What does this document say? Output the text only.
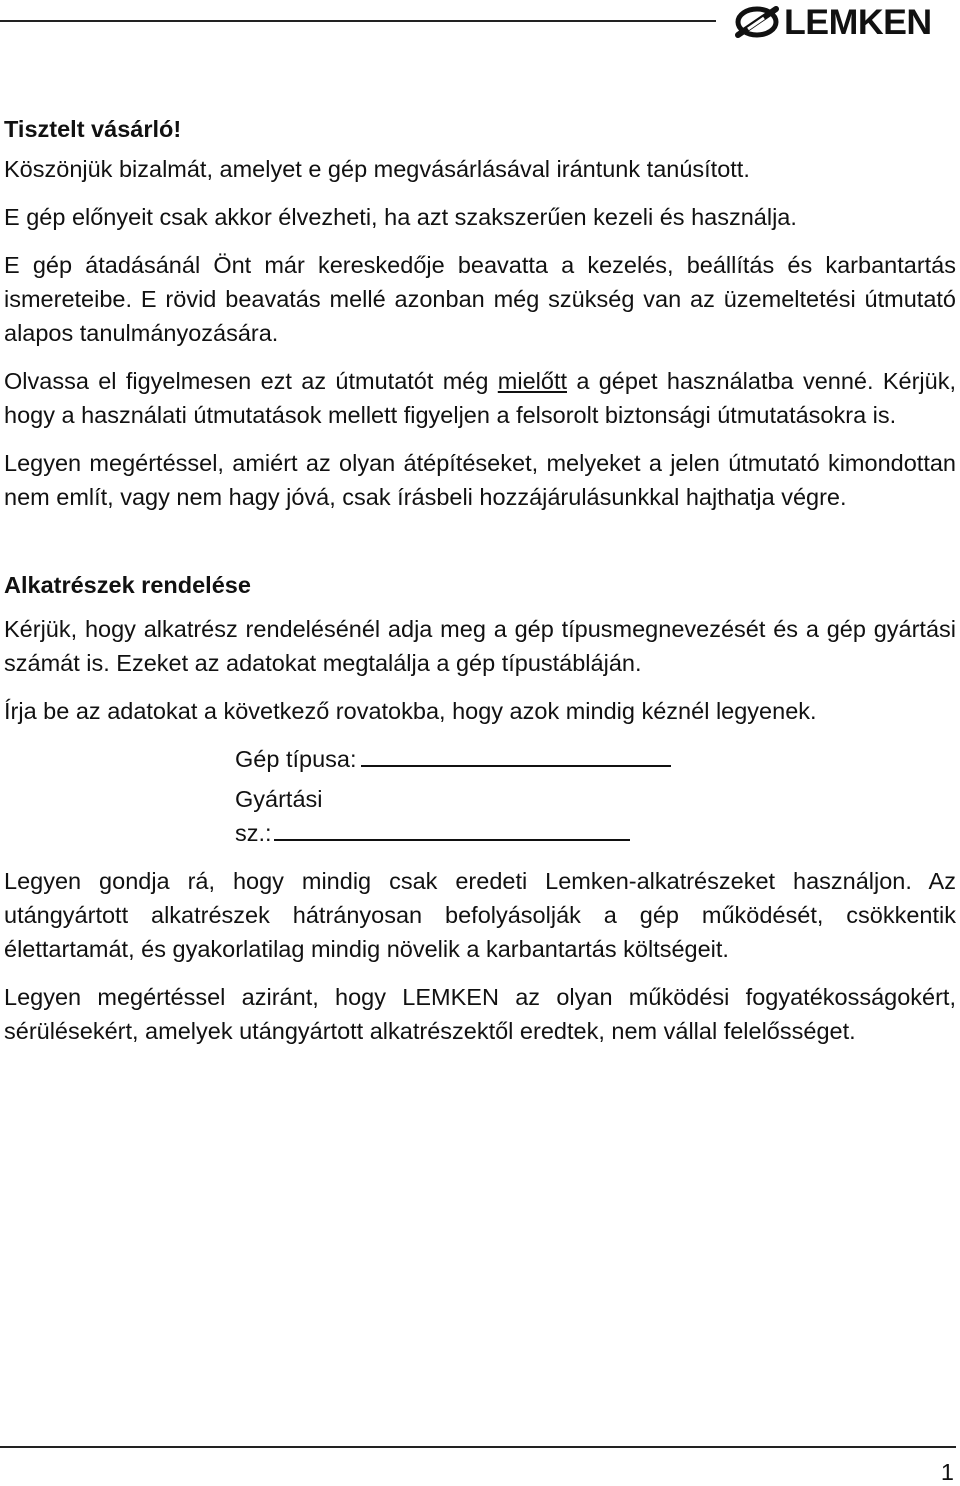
LEMKEN

Tisztelt vásárló!

Köszönjük bizalmát, amelyet e gép megvásárlásával irántunk tanúsított.

E gép előnyeit csak akkor élvezheti, ha azt szakszerűen kezeli és használja.

E gép átadásánál Önt már kereskedője beavatta a kezelés, beállítás és karbantartás ismereteibe. E rövid beavatás mellé azonban még szükség van az üzemeltetési útmutató alapos tanulmányozására.

Olvassa el figyelmesen ezt az útmutatót még mielőtt a gépet használatba venné. Kérjük, hogy a használati útmutatások mellett figyeljen a felsorolt biztonsági útmutatásokra is.

Legyen megértéssel, amiért az olyan átépítéseket, melyeket a jelen útmutató kimondottan nem említ, vagy nem hagy jóvá, csak írásbeli hozzájárulásunkkal hajthatja végre.

Alkatrészek rendelése

Kérjük, hogy alkatrész rendelésénél adja meg a gép típusmegnevezését és a gép gyártási számát is. Ezeket az adatokat megtalálja a gép típustábláján.

Írja be az adatokat a következő rovatokba, hogy azok mindig kéznél legyenek.

Gép típusa:
Gyártási
sz.:

Legyen gondja rá, hogy mindig csak eredeti Lemken-alkatrészeket használjon. Az utángyártott alkatrészek hátrányosan befolyásolják a gép működését, csökkentik élettartamát, és gyakorlatilag mindig növelik a karbantartás költségeit.

Legyen megértéssel aziránt, hogy LEMKEN az olyan működési fogyatékosságokért, sérülésekért, amelyek utángyártott alkatrészektől eredtek, nem vállal felelősséget.

1
